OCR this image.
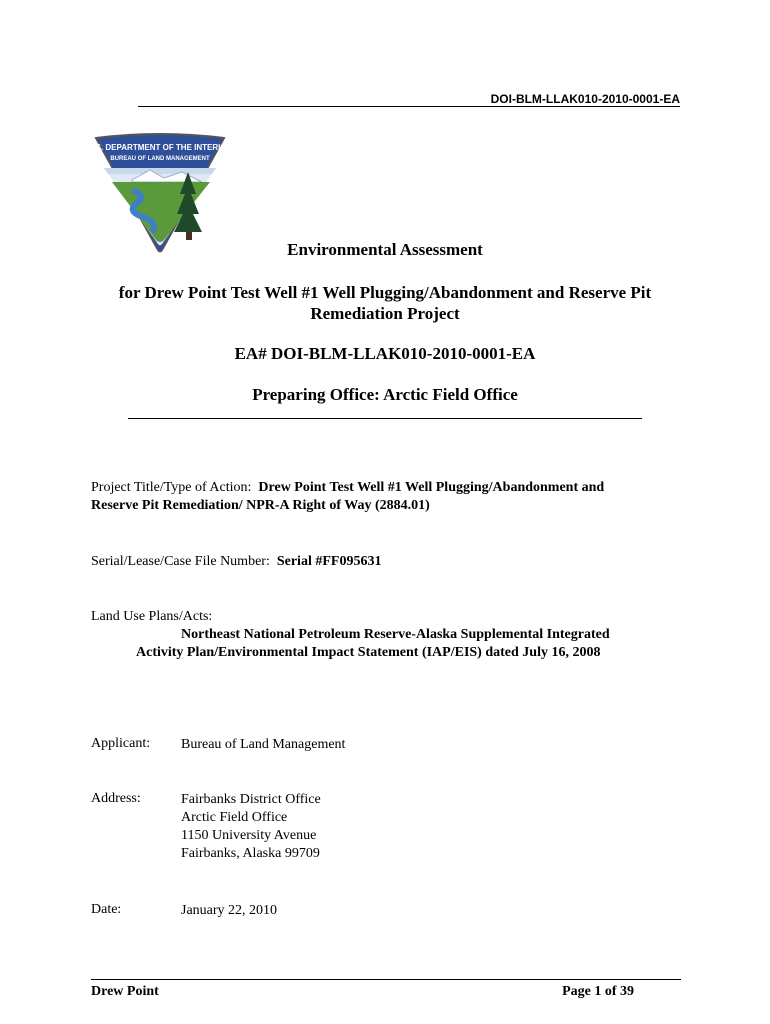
DOI-BLM-LLAK010-2010-0001-EA
U.S. DEPARTMENT OF THE INTERIOR
BUREAU OF LAND MANAGEMENT
Environmental Assessment
for Drew Point Test Well #1 Well Plugging/Abandonment and Reserve Pit
Remediation Project
EA# DOI-BLM-LLAK010-2010-0001-EA
Preparing Office: Arctic Field Office
Project Title/Type of Action: Drew Point Test Well #1 Well Plugging/Abandonment and
Reserve Pit Remediation/ NPR-A Right of Way (2884.01)
Serial/Lease/Case File Number: Serial #FF095631
Land Use Plans/Acts:
Northeast National Petroleum Reserve-Alaska Supplemental Integrated
Activity Plan/Environmental Impact Statement (IAP/EIS) dated July 16, 2008
Applicant: Bureau of Land Management
Address:	Fairbanks District Office
Arctic Field Office
1150 University Avenue
Fairbanks, Alaska 99709
Date:	January 22, 2010
Drew Point	Page 1 of 39
